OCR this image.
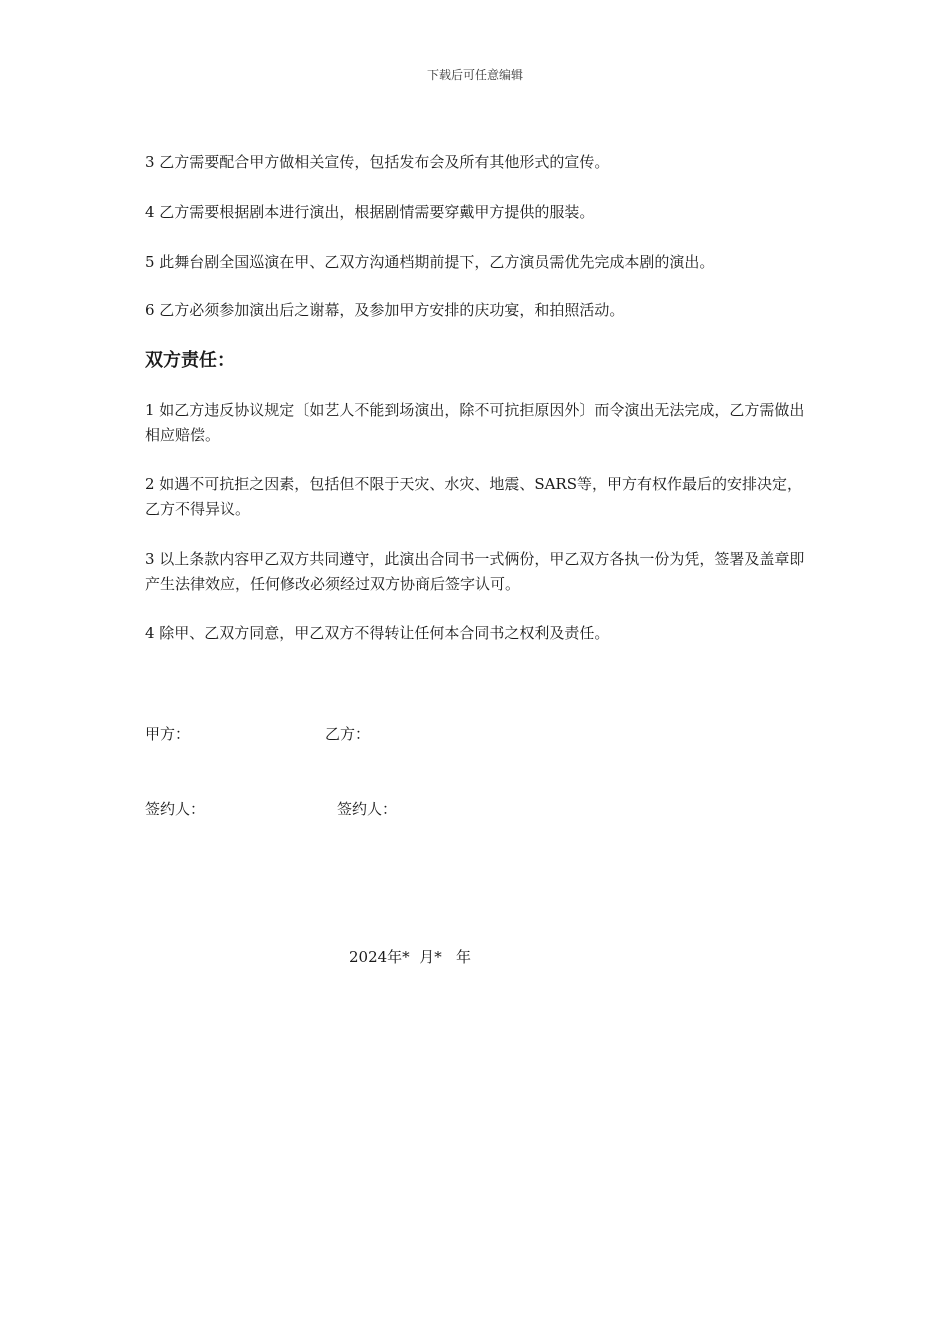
下载后可任意编辑

3 乙方需要配合甲方做相关宣传，包括发布会及所有其他形式的宣传。

4 乙方需要根据剧本进行演出，根据剧情需要穿戴甲方提供的服装。

5 此舞台剧全国巡演在甲、乙双方沟通档期前提下，乙方演员需优先完成本剧的演出。

6 乙方必须参加演出后之谢幕，及参加甲方安排的庆功宴，和拍照活动。

双方责任：

1 如乙方违反协议规定〔如艺人不能到场演出，除不可抗拒原因外〕而令演出无法完成，乙方需做出相应赔偿。

2 如遇不可抗拒之因素，包括但不限于天灾、水灾、地震、SARS等，甲方有权作最后的安排决定，乙方不得异议。

3 以上条款内容甲乙双方共同遵守，此演出合同书一式俩份，甲乙双方各执一份为凭，签署及盖章即产生法律效应，任何修改必须经过双方协商后签字认可。

4 除甲、乙双方同意，甲乙双方不得转让任何本合同书之权利及责任。

甲方：	乙方：
签约人：	签约人：
2024年*  月*   年
